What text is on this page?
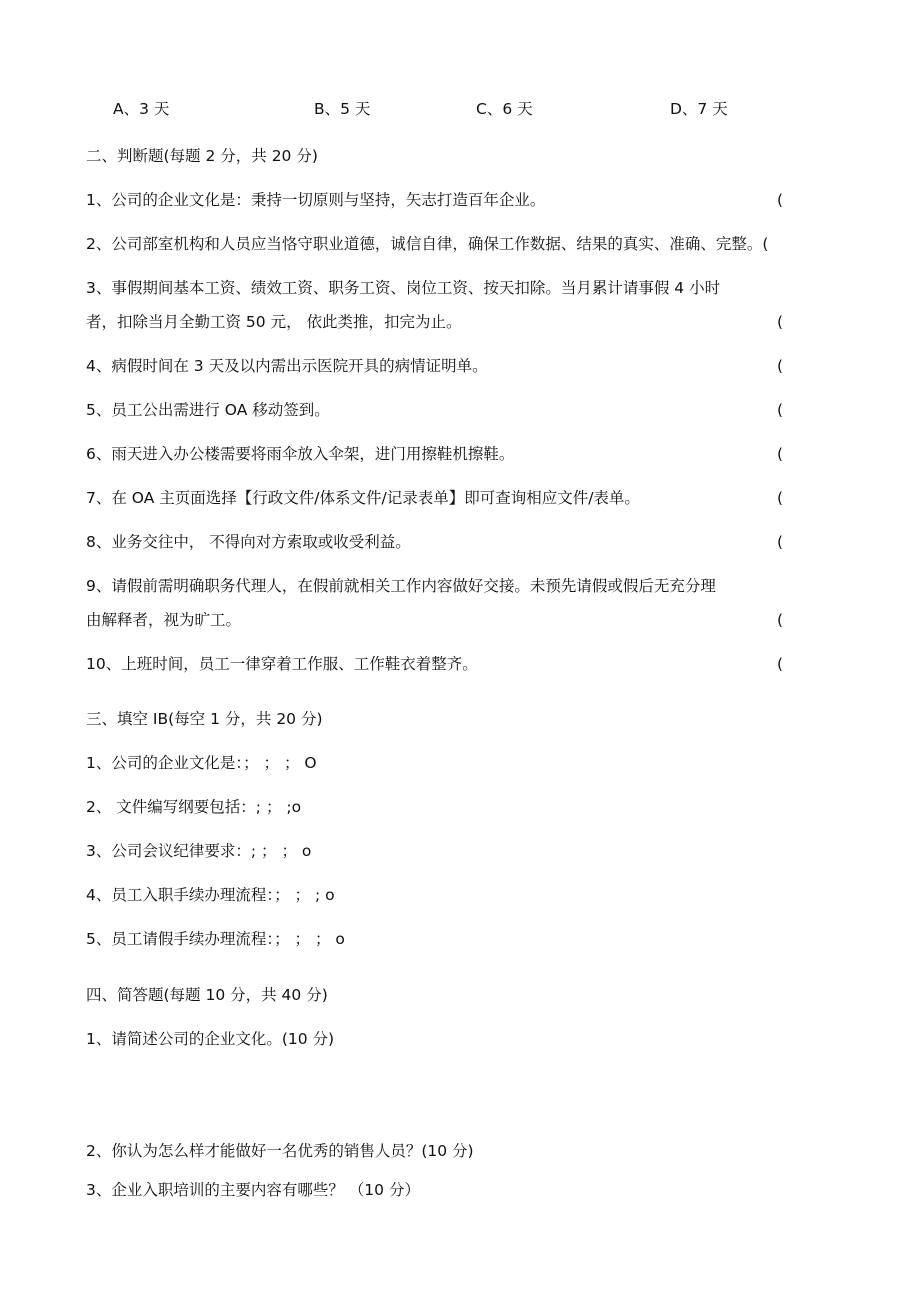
A、3 天	B、5 天	C、6 天	D、7 天
二、判断题(每题 2 分，共 20 分)
1、公司的企业文化是：秉持一切原则与坚持，矢志打造百年企业。	(
2、公司部室机构和人员应当恪守职业道德，诚信自律，确保工作数据、结果的真实、准确、完整。(
3、事假期间基本工资、绩效工资、职务工资、岗位工资、按天扣除。当月累计请事假 4 小时
者，扣除当月全勤工资 50 元， 依此类推，扣完为止。	(
4、病假时间在 3 天及以内需出示医院开具的病情证明单。	(
5、员工公出需进行 OA 移动签到。	(
6、雨天进入办公楼需要将雨伞放入伞架，进门用擦鞋机擦鞋。	(
7、在 OA 主页面选择【行政文件/体系文件/记录表单】即可查询相应文件/表单。	(
8、业务交往中， 不得向对方索取或收受利益。	(
9、请假前需明确职务代理人，在假前就相关工作内容做好交接。未预先请假或假后无充分理
由解释者，视为旷工。	(
10、上班时间，员工一律穿着工作服、工作鞋衣着整齐。	(
三、填空 IB(每空 1 分，共 20 分)
1、公司的企业文化是：； ； ； O
2、 文件编写纲要包括：; ； ;o
3、公司会议纪律要求：; ； ； o
4、员工入职手续办理流程：； ； ; o
5、员工请假手续办理流程：； ； ； o
四、简答题(每题 10 分，共 40 分)
1、请简述公司的企业文化。(10 分)
2、你认为怎么样才能做好一名优秀的销售人员？(10 分)
3、企业入职培训的主要内容有哪些？ （10 分）
